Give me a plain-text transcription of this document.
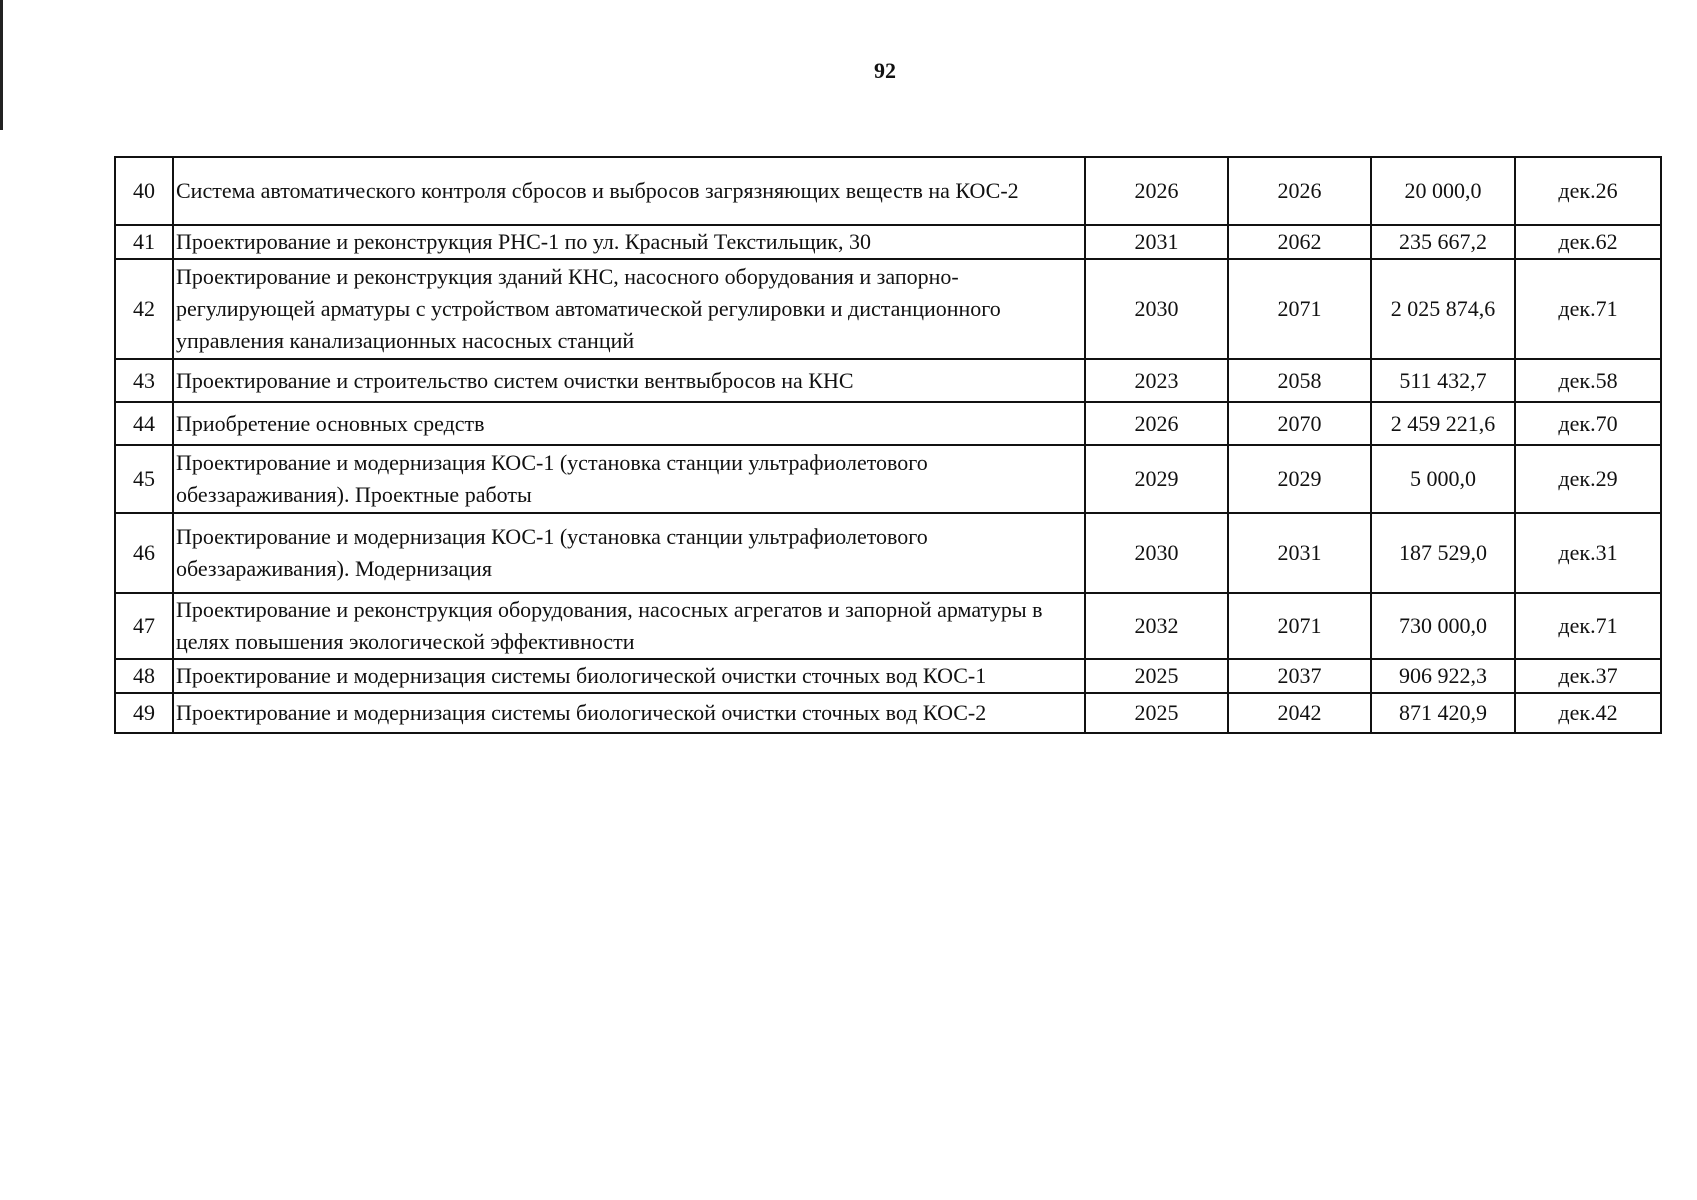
92
40	Система автоматического контроля сбросов и выбросов загрязняющих веществ на КОС-2	2026	2026	20 000,0	дек.26
41	Проектирование и реконструкция РНС-1 по ул. Красный Текстильщик, 30	2031	2062	235 667,2	дек.62
42	Проектирование и реконструкция зданий КНС, насосного оборудования и запорно-регулирующей арматуры с устройством автоматической регулировки и дистанционного управления канализационных насосных станций	2030	2071	2 025 874,6	дек.71
43	Проектирование и строительство систем очистки вентвыбросов на КНС	2023	2058	511 432,7	дек.58
44	Приобретение основных средств	2026	2070	2 459 221,6	дек.70
45	Проектирование и модернизация КОС-1 (установка станции ультрафиолетового обеззараживания). Проектные работы	2029	2029	5 000,0	дек.29
46	Проектирование и модернизация КОС-1 (установка станции ультрафиолетового обеззараживания). Модернизация	2030	2031	187 529,0	дек.31
47	Проектирование и реконструкция оборудования, насосных агрегатов и запорной арматуры в целях повышения экологической эффективности	2032	2071	730 000,0	дек.71
48	Проектирование и модернизация системы биологической очистки сточных вод КОС-1	2025	2037	906 922,3	дек.37
49	Проектирование и модернизация системы биологической очистки сточных вод КОС-2	2025	2042	871 420,9	дек.42
